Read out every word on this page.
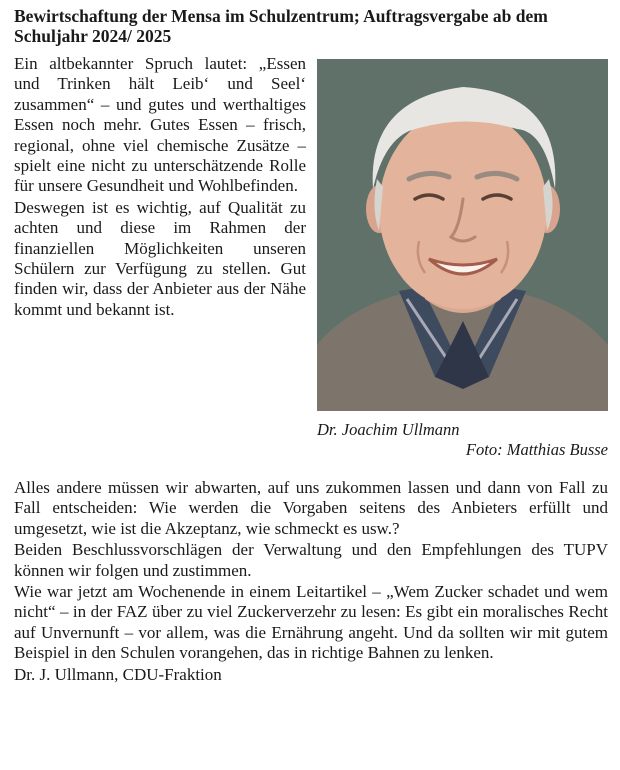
Bewirtschaftung der Mensa im Schulzentrum; Auftragsvergabe ab dem Schuljahr 2024/ 2025

Ein altbekannter Spruch lautet: „Essen und Trinken hält Leib‘ und Seel‘ zusammen“ – und gutes und werthaltiges Essen noch mehr. Gutes Essen – frisch, regional, ohne viel chemische Zusätze – spielt eine nicht zu unterschätzende Rolle für unsere Gesundheit und Wohlbefinden.

Deswegen ist es wichtig, auf Qualität zu achten und diese im Rahmen der finanziellen Möglichkeiten unseren Schülern zur Verfügung zu stellen. Gut finden wir, dass der Anbieter aus der Nähe kommt und bekannt ist.

Dr. Joachim Ullmann
Foto: Matthias Busse

Alles andere müssen wir abwarten, auf uns zukommen lassen und dann von Fall zu Fall entscheiden: Wie werden die Vorgaben seitens des Anbieters erfüllt und umgesetzt, wie ist die Akzeptanz, wie schmeckt es usw.?

Beiden Beschlussvorschlägen der Verwaltung und den Empfehlungen des TUPV können wir folgen und zustimmen.

Wie war jetzt am Wochenende in einem Leitartikel – „Wem Zucker schadet und wem nicht“ – in der FAZ über zu viel Zuckerverzehr zu lesen: Es gibt ein moralisches Recht auf Unvernunft – vor allem, was die Ernährung angeht. Und da sollten wir mit gutem Beispiel in den Schulen vorangehen, das in richtige Bahnen zu lenken.

Dr. J. Ullmann, CDU-Fraktion
